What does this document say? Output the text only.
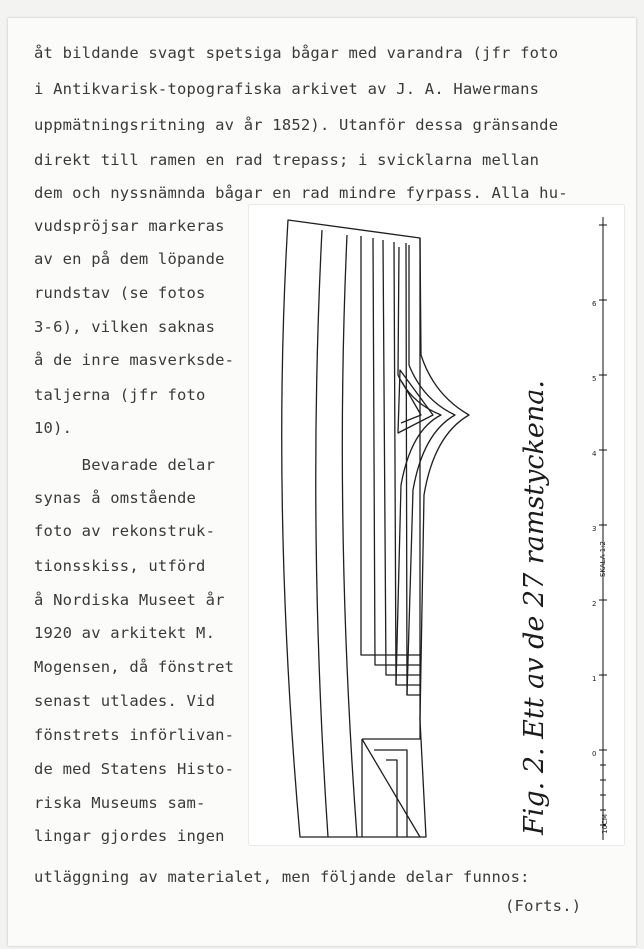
åt bildande svagt spetsiga bågar med varandra (jfr foto
i Antikvarisk-topografiska arkivet av J. A. Hawermans
uppmätningsritning av år 1852). Utanför dessa gränsande
direkt till ramen en rad trepass; i svicklarna mellan
dem och nyssnämnda bågar en rad mindre fyrpass. Alla hu-
vudspröjsar markeras
av en på dem löpande
rundstav (se fotos
3-6), vilken saknas
å de inre masverksde-
taljerna (jfr foto
10).
Bevarade delar
synas å omstående
foto av rekonstruk-
tionsskiss, utförd
å Nordiska Museet år
1920 av arkitekt M.
Mogensen, då fönstret
senast utlades. Vid
fönstrets införlivan-
de med Statens Histo-
riska Museums sam-
lingar gjordes ingen
utläggning av materialet, men följande delar funnos:
(Forts.)
Fig. 2. Ett av de 27 ramstyckena.	SKALA 1:2
10CM
0
1
2
3
4
5
6
